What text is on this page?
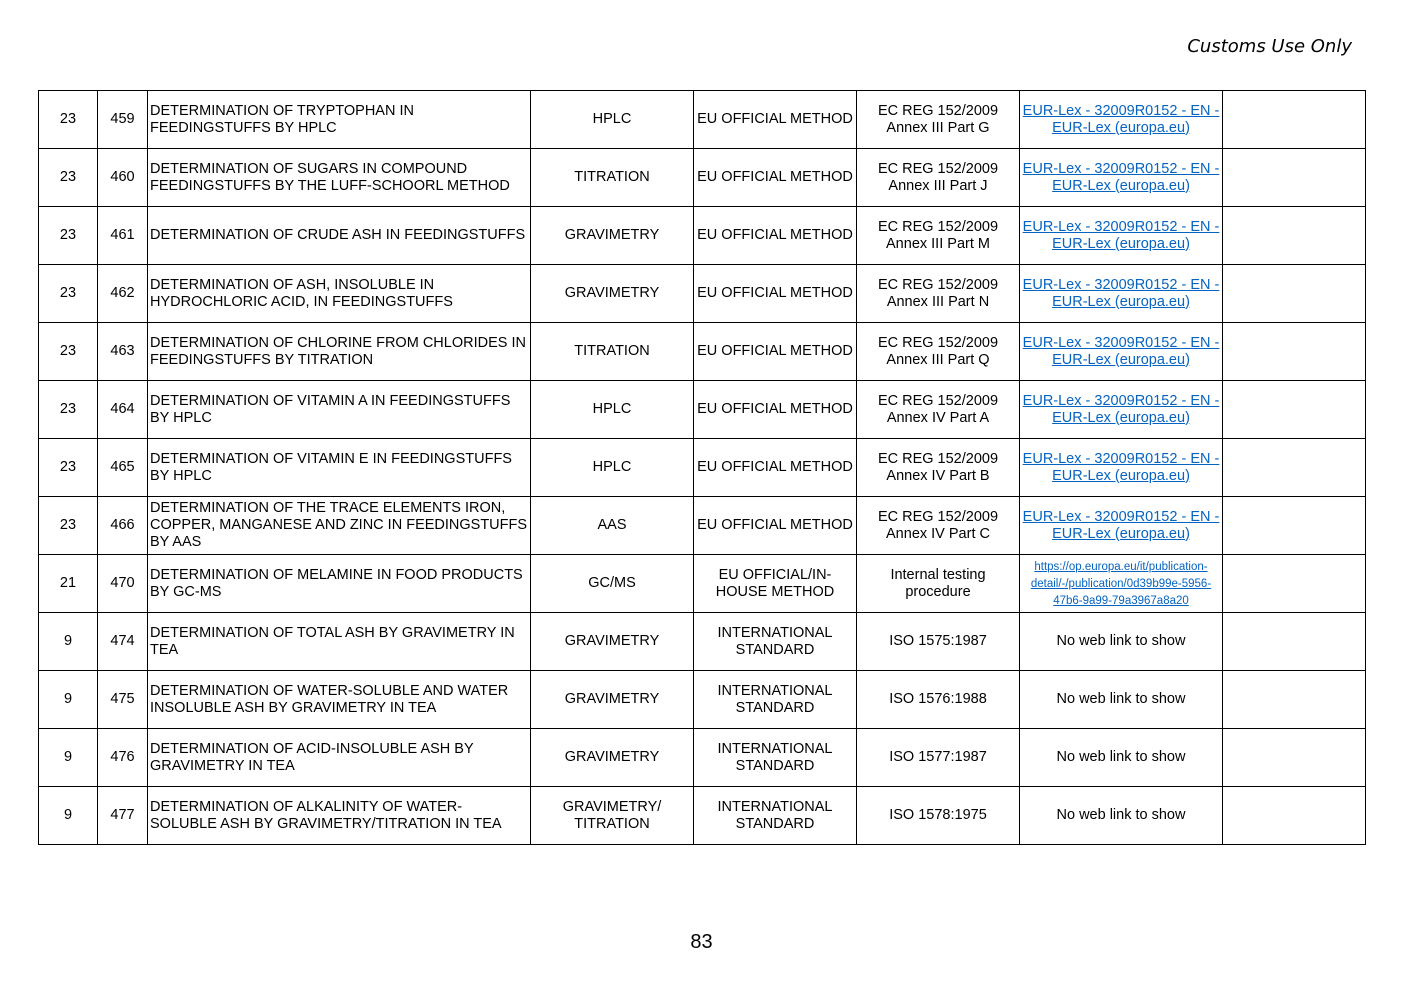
Customs Use Only
23	459	DETERMINATION OF TRYPTOPHAN IN FEEDINGSTUFFS BY HPLC	HPLC	EU OFFICIAL METHOD	EC REG 152/2009 Annex III Part G	EUR-Lex - 32009R0152 - EN - EUR-Lex (europa.eu)	
23	460	DETERMINATION OF SUGARS IN COMPOUND FEEDINGSTUFFS BY THE LUFF-SCHOORL METHOD	TITRATION	EU OFFICIAL METHOD	EC REG 152/2009 Annex III Part J	EUR-Lex - 32009R0152 - EN - EUR-Lex (europa.eu)	
23	461	DETERMINATION OF CRUDE ASH IN FEEDINGSTUFFS	GRAVIMETRY	EU OFFICIAL METHOD	EC REG 152/2009 Annex III Part M	EUR-Lex - 32009R0152 - EN - EUR-Lex (europa.eu)	
23	462	DETERMINATION OF ASH, INSOLUBLE IN HYDROCHLORIC ACID, IN FEEDINGSTUFFS	GRAVIMETRY	EU OFFICIAL METHOD	EC REG 152/2009 Annex III Part N	EUR-Lex - 32009R0152 - EN - EUR-Lex (europa.eu)	
23	463	DETERMINATION OF CHLORINE FROM CHLORIDES IN FEEDINGSTUFFS BY TITRATION	TITRATION	EU OFFICIAL METHOD	EC REG 152/2009 Annex III Part Q	EUR-Lex - 32009R0152 - EN - EUR-Lex (europa.eu)	
23	464	DETERMINATION OF VITAMIN A IN FEEDINGSTUFFS BY HPLC	HPLC	EU OFFICIAL METHOD	EC REG 152/2009 Annex IV Part A	EUR-Lex - 32009R0152 - EN - EUR-Lex (europa.eu)	
23	465	DETERMINATION OF VITAMIN E IN FEEDINGSTUFFS BY HPLC	HPLC	EU OFFICIAL METHOD	EC REG 152/2009 Annex IV Part B	EUR-Lex - 32009R0152 - EN - EUR-Lex (europa.eu)	
23	466	DETERMINATION OF THE TRACE ELEMENTS IRON, COPPER, MANGANESE AND ZINC IN FEEDINGSTUFFS BY AAS	AAS	EU OFFICIAL METHOD	EC REG 152/2009 Annex IV Part C	EUR-Lex - 32009R0152 - EN - EUR-Lex (europa.eu)	
21	470	DETERMINATION OF MELAMINE IN FOOD PRODUCTS BY GC-MS	GC/MS	EU OFFICIAL/IN-HOUSE METHOD	Internal testing procedure	https://op.europa.eu/it/publication-detail/-/publication/0d39b99e-5956-47b6-9a99-79a3967a8a20	
9	474	DETERMINATION OF TOTAL ASH BY GRAVIMETRY IN TEA	GRAVIMETRY	INTERNATIONAL STANDARD	ISO 1575:1987	No web link to show	
9	475	DETERMINATION OF WATER-SOLUBLE AND WATER INSOLUBLE ASH BY GRAVIMETRY IN TEA	GRAVIMETRY	INTERNATIONAL STANDARD	ISO 1576:1988	No web link to show	
9	476	DETERMINATION OF ACID-INSOLUBLE ASH BY GRAVIMETRY IN TEA	GRAVIMETRY	INTERNATIONAL STANDARD	ISO 1577:1987	No web link to show	
9	477	DETERMINATION OF ALKALINITY OF WATER-SOLUBLE ASH BY GRAVIMETRY/TITRATION IN TEA	GRAVIMETRY/ TITRATION	INTERNATIONAL STANDARD	ISO 1578:1975	No web link to show	
83
